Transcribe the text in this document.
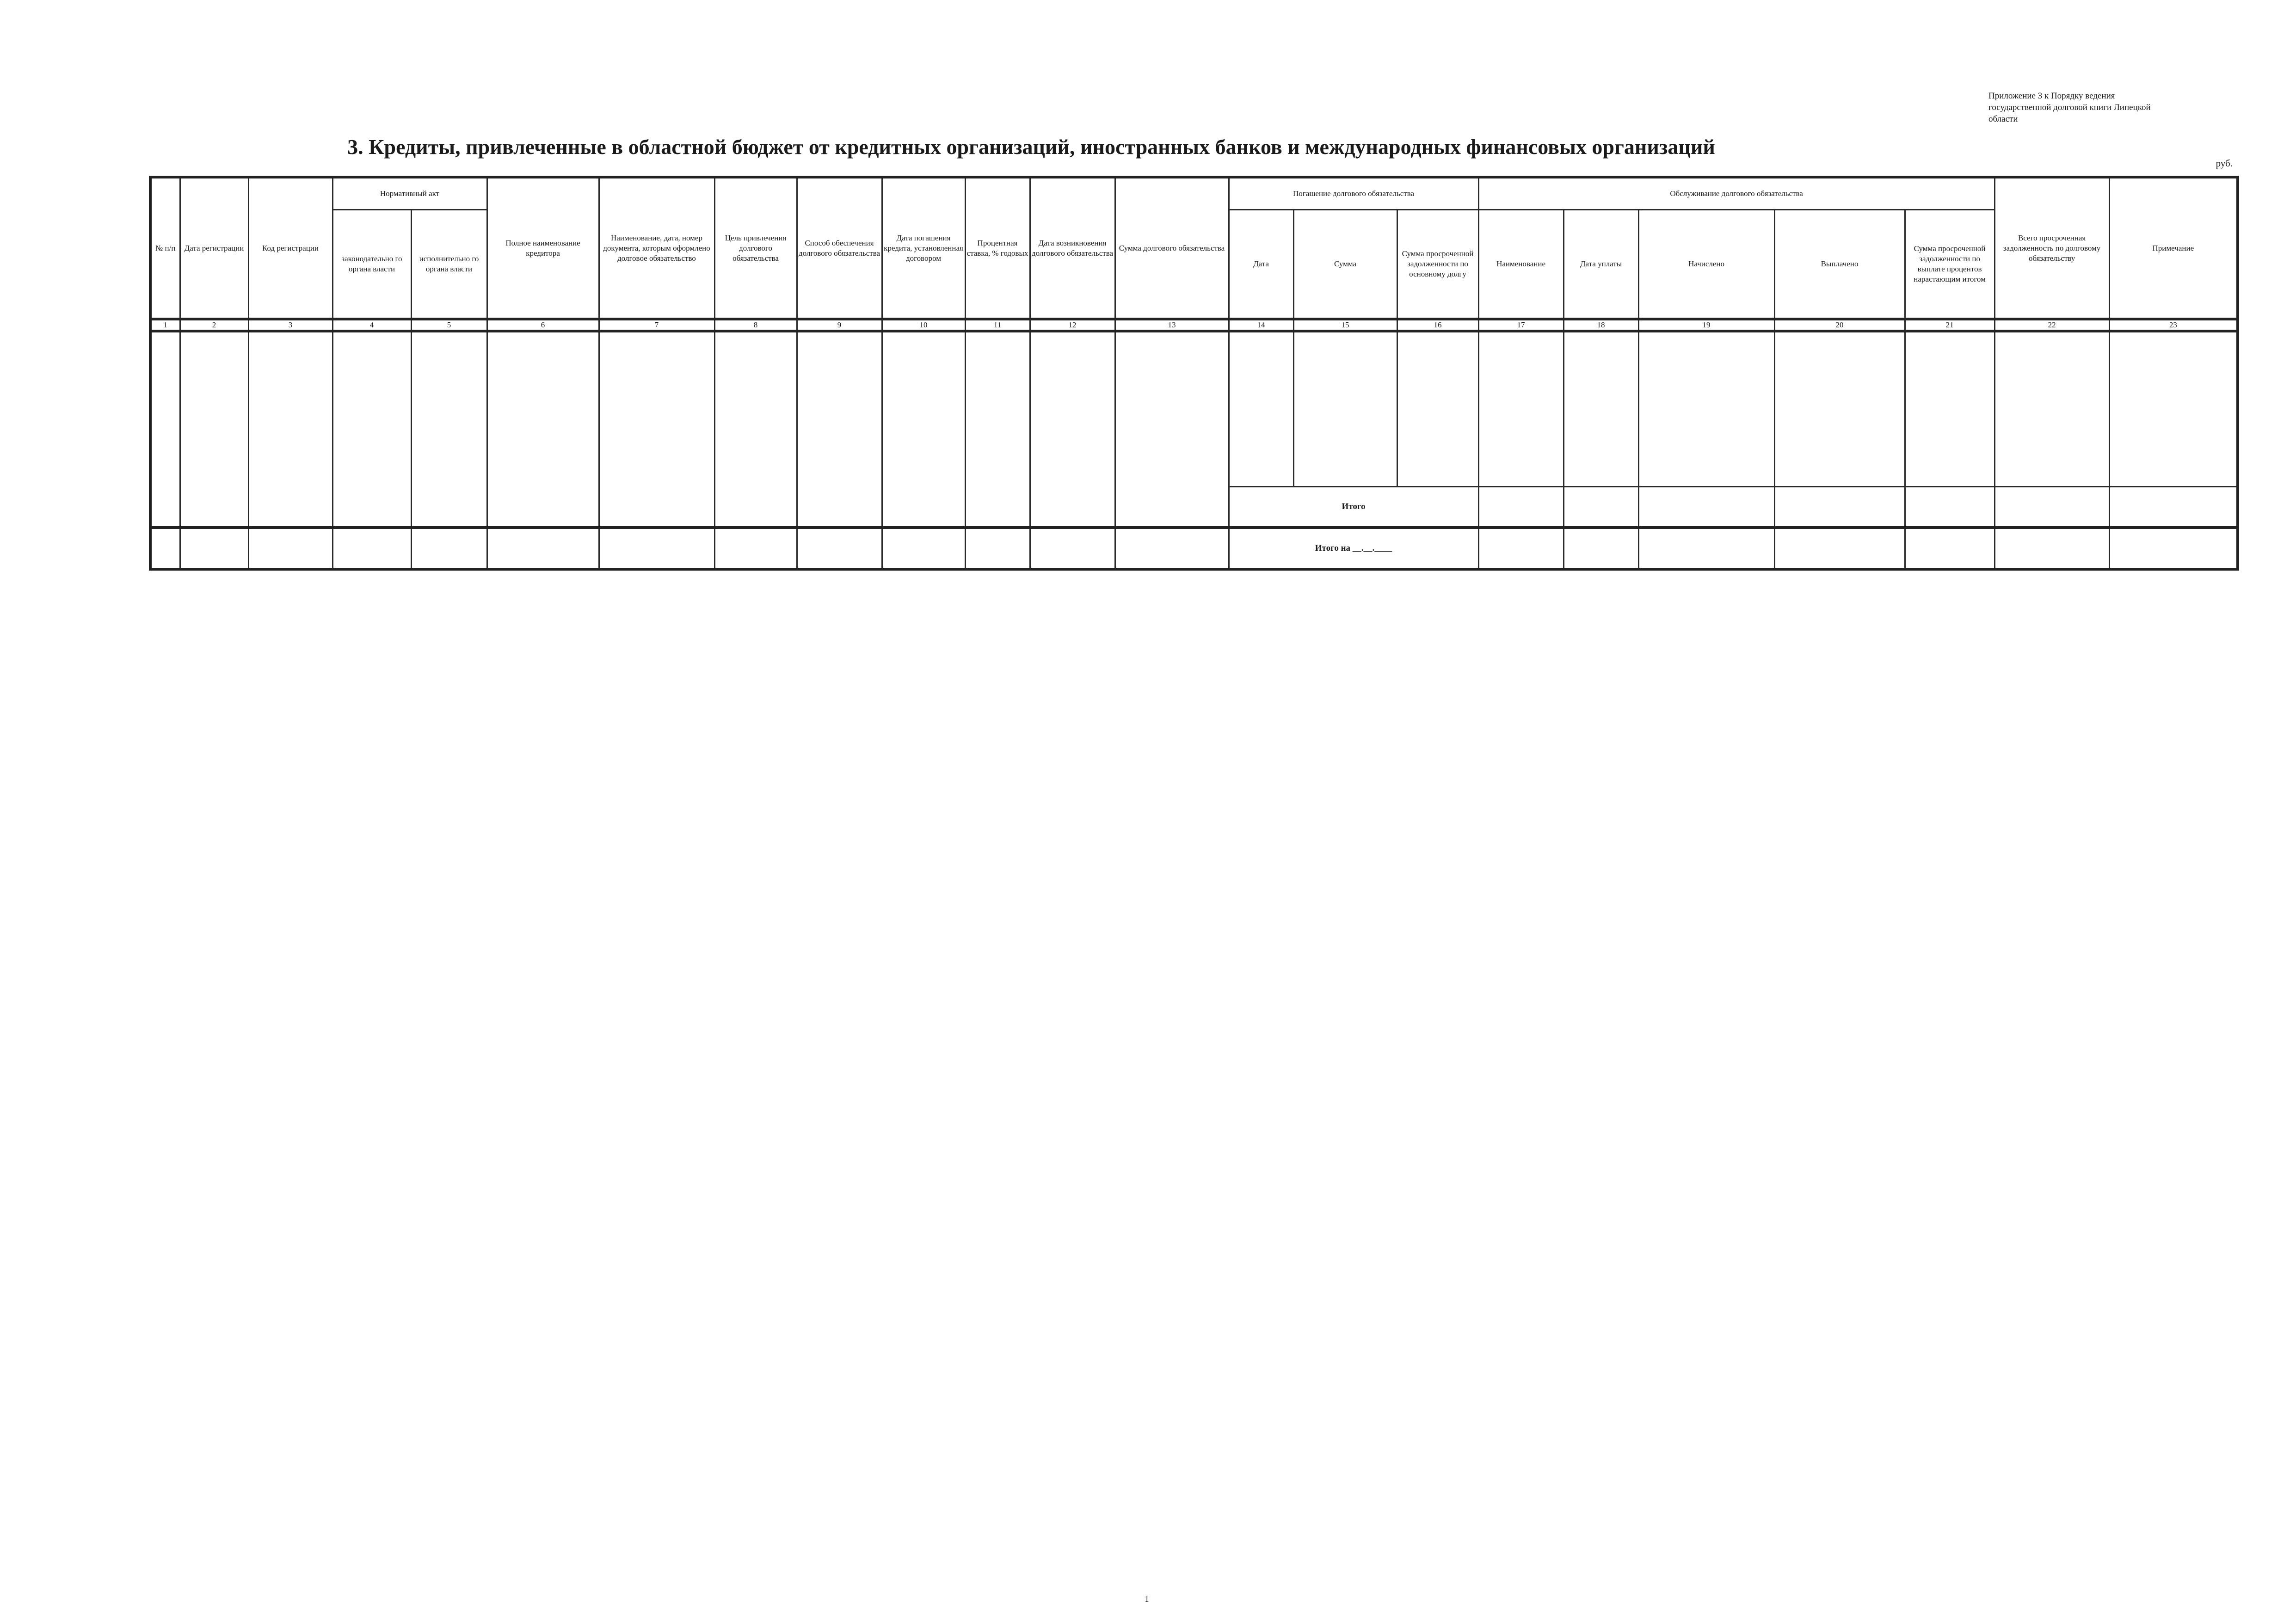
Приложение 3 к Порядку ведения
государственной долговой книги Липецкой
области
3. Кредиты, привлеченные в областной бюджет от кредитных организаций, иностранных банков и международных финансовых организаций
руб.
№ п/п	Дата регистрации	Код регистрации	Нормативный акт		Полное наименование кредитора	Наименование, дата, номер документа, которым оформлено долговое обязательство	Цель привлечения долгового обязательства	Способ обеспечения долгового обязательства	Дата погашения кредита, установленная договором	Процентная ставка, % годовых	Дата возникновения долгового обязательства	Сумма долгового обязательства	Погашение долгового обязательства			Обслуживание долгового обязательства					Всего просроченная задолженность по долговому обязательству	Примечание
			законодательно го органа власти	исполнительно го органа власти									Дата	Сумма	Сумма просроченной задолженности по основному долгу	Наименование	Дата уплаты	Начислено	Выплачено	Сумма просроченной задолженности по выплате процентов нарастающим итогом		
1	2	3	4	5	6	7	8	9	10	11	12	13	14	15	16	17	18	19	20	21	22	23

													Итого									
													Итого на __.__.____									
1
